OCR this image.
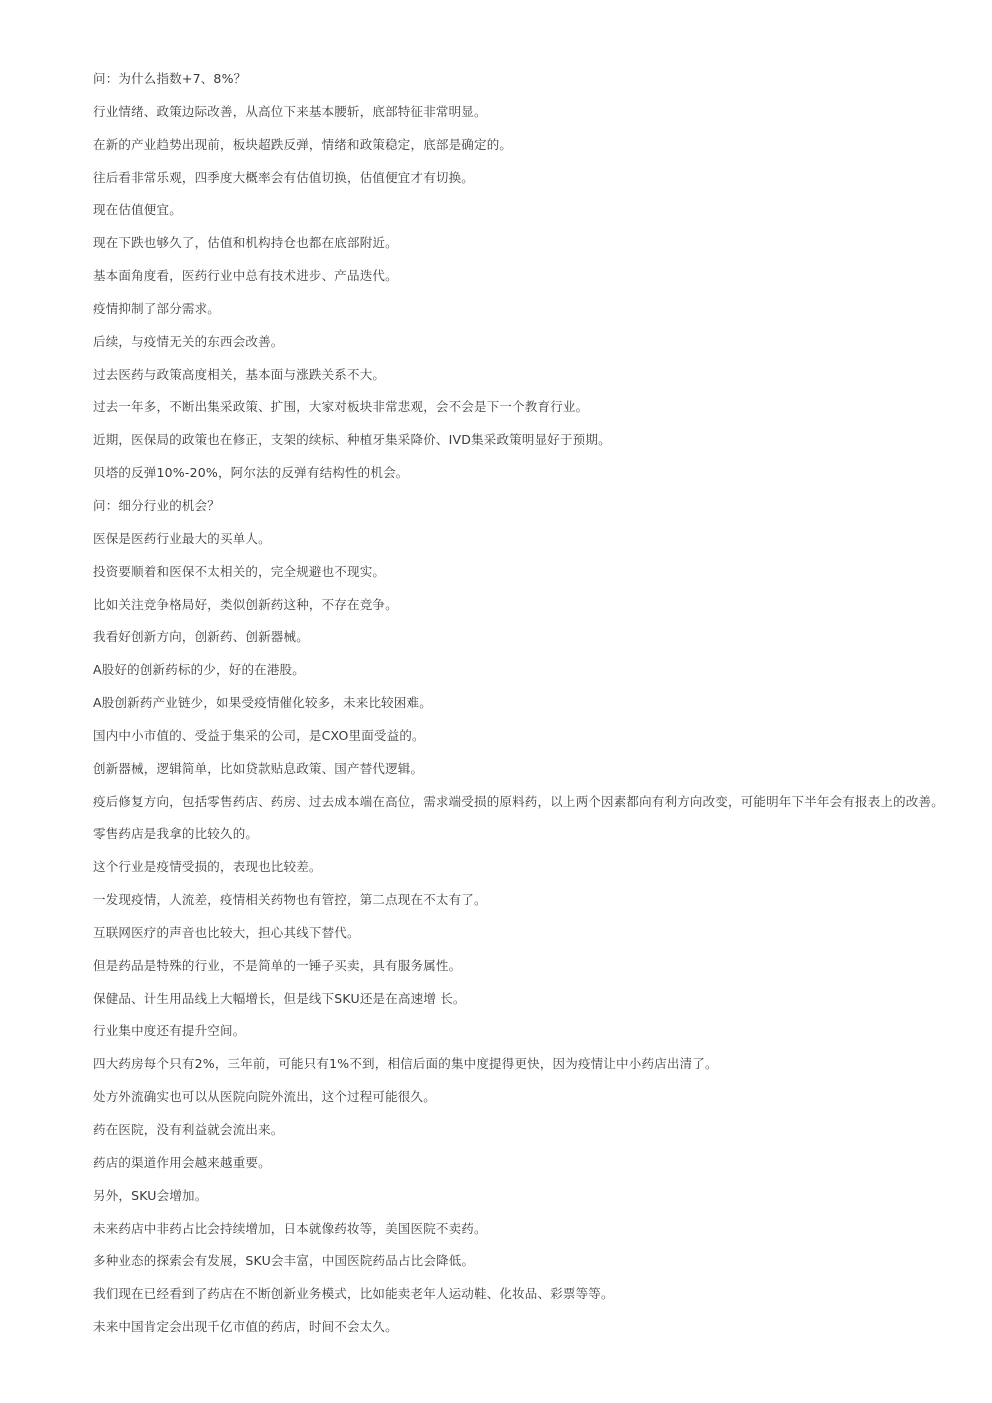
问：为什么指数+7、8%？

行业情绪、政策边际改善，从高位下来基本腰斩，底部特征非常明显。

在新的产业趋势出现前，板块超跌反弹，情绪和政策稳定，底部是确定的。

往后看非常乐观，四季度大概率会有估值切换，估值便宜才有切换。

现在估值便宜。

现在下跌也够久了，估值和机构持仓也都在底部附近。

基本面角度看，医药行业中总有技术进步、产品迭代。

疫情抑制了部分需求。

后续，与疫情无关的东西会改善。

过去医药与政策高度相关，基本面与涨跌关系不大。

过去一年多，不断出集采政策、扩围，大家对板块非常悲观，会不会是下一个教育行业。

近期，医保局的政策也在修正，支架的续标、种植牙集采降价、IVD集采政策明显好于预期。

贝塔的反弹10%-20%，阿尔法的反弹有结构性的机会。

问：细分行业的机会？

医保是医药行业最大的买单人。

投资要顺着和医保不太相关的，完全规避也不现实。

比如关注竞争格局好，类似创新药这种，不存在竞争。

我看好创新方向，创新药、创新器械。

A股好的创新药标的少，好的在港股。

A股创新药产业链少，如果受疫情催化较多，未来比较困难。

国内中小市值的、受益于集采的公司，是CXO里面受益的。

创新器械，逻辑简单，比如贷款贴息政策、国产替代逻辑。

疫后修复方向，包括零售药店、药房、过去成本端在高位，需求端受损的原料药，以上两个因素都向有利方向改变，可能明年下半年会有报表上的改善。

零售药店是我拿的比较久的。

这个行业是疫情受损的，表现也比较差。

一发现疫情，人流差，疫情相关药物也有管控，第二点现在不太有了。

互联网医疗的声音也比较大，担心其线下替代。

但是药品是特殊的行业，不是简单的一锤子买卖，具有服务属性。

保健品、计生用品线上大幅增长，但是线下SKU还是在高速增 长。

行业集中度还有提升空间。

四大药房每个只有2%，三年前，可能只有1%不到，相信后面的集中度提得更快，因为疫情让中小药店出清了。

处方外流确实也可以从医院向院外流出，这个过程可能很久。

药在医院，没有利益就会流出来。

药店的渠道作用会越来越重要。

另外，SKU会增加。

未来药店中非药占比会持续增加，日本就像药妆等，美国医院不卖药。

多种业态的探索会有发展，SKU会丰富，中国医院药品占比会降低。

我们现在已经看到了药店在不断创新业务模式，比如能卖老年人运动鞋、化妆品、彩票等等。

未来中国肯定会出现千亿市值的药店，时间不会太久。
